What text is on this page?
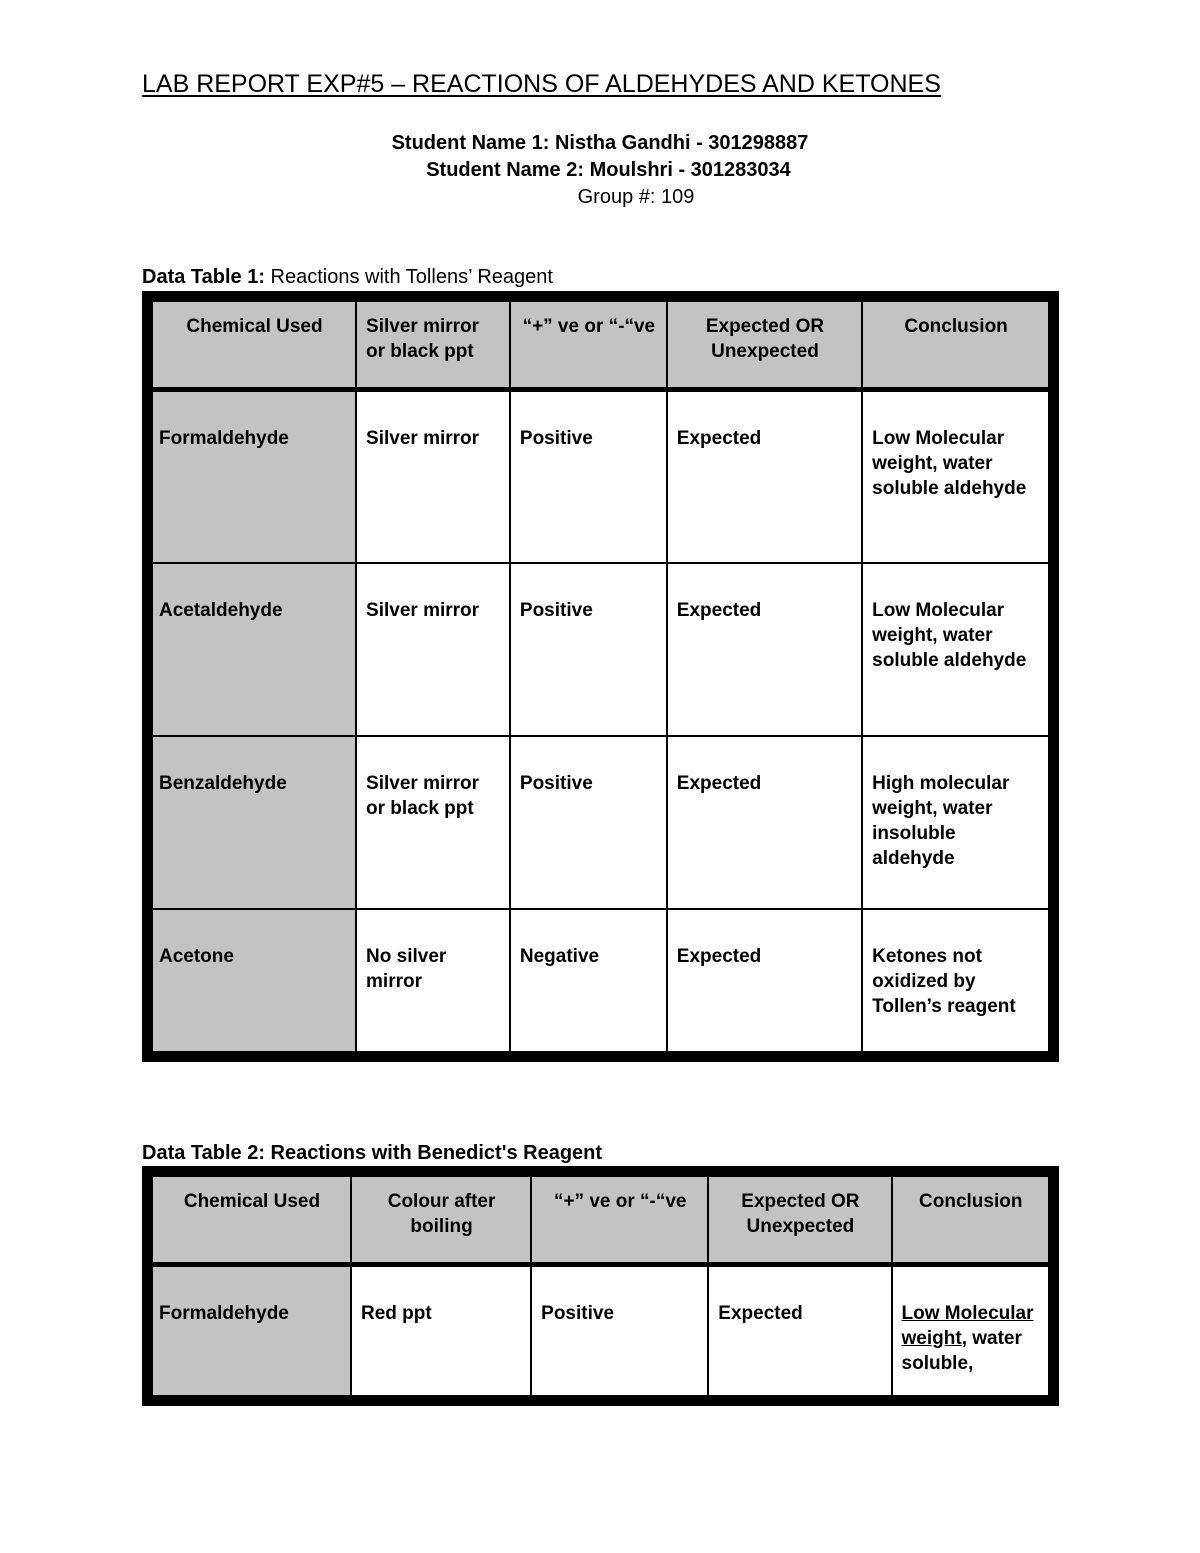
LAB REPORT EXP#5 – REACTIONS OF ALDEHYDES AND KETONES
Student Name 1: Nistha Gandhi - 301298887
Student Name 2: Moulshri - 301283034
Group #: 109
Data Table 1: Reactions with Tollens’ Reagent
Chemical Used	Silver mirror or black ppt	“+” ve or “-“ve	Expected OR Unexpected	Conclusion
Formaldehyde	Silver mirror	Positive	Expected	Low Molecular weight, water soluble aldehyde
Acetaldehyde	Silver mirror	Positive	Expected	Low Molecular weight, water soluble aldehyde
Benzaldehyde	Silver mirror or black ppt	Positive	Expected	High molecular weight, water insoluble aldehyde
Acetone	No silver mirror	Negative	Expected	Ketones not oxidized by Tollen’s reagent
Data Table 2: Reactions with Benedict's Reagent
Chemical Used	Colour after boiling	“+” ve or “-“ve	Expected OR Unexpected	Conclusion
Formaldehyde	Red ppt	Positive	Expected	Low Molecular weight, water soluble,
